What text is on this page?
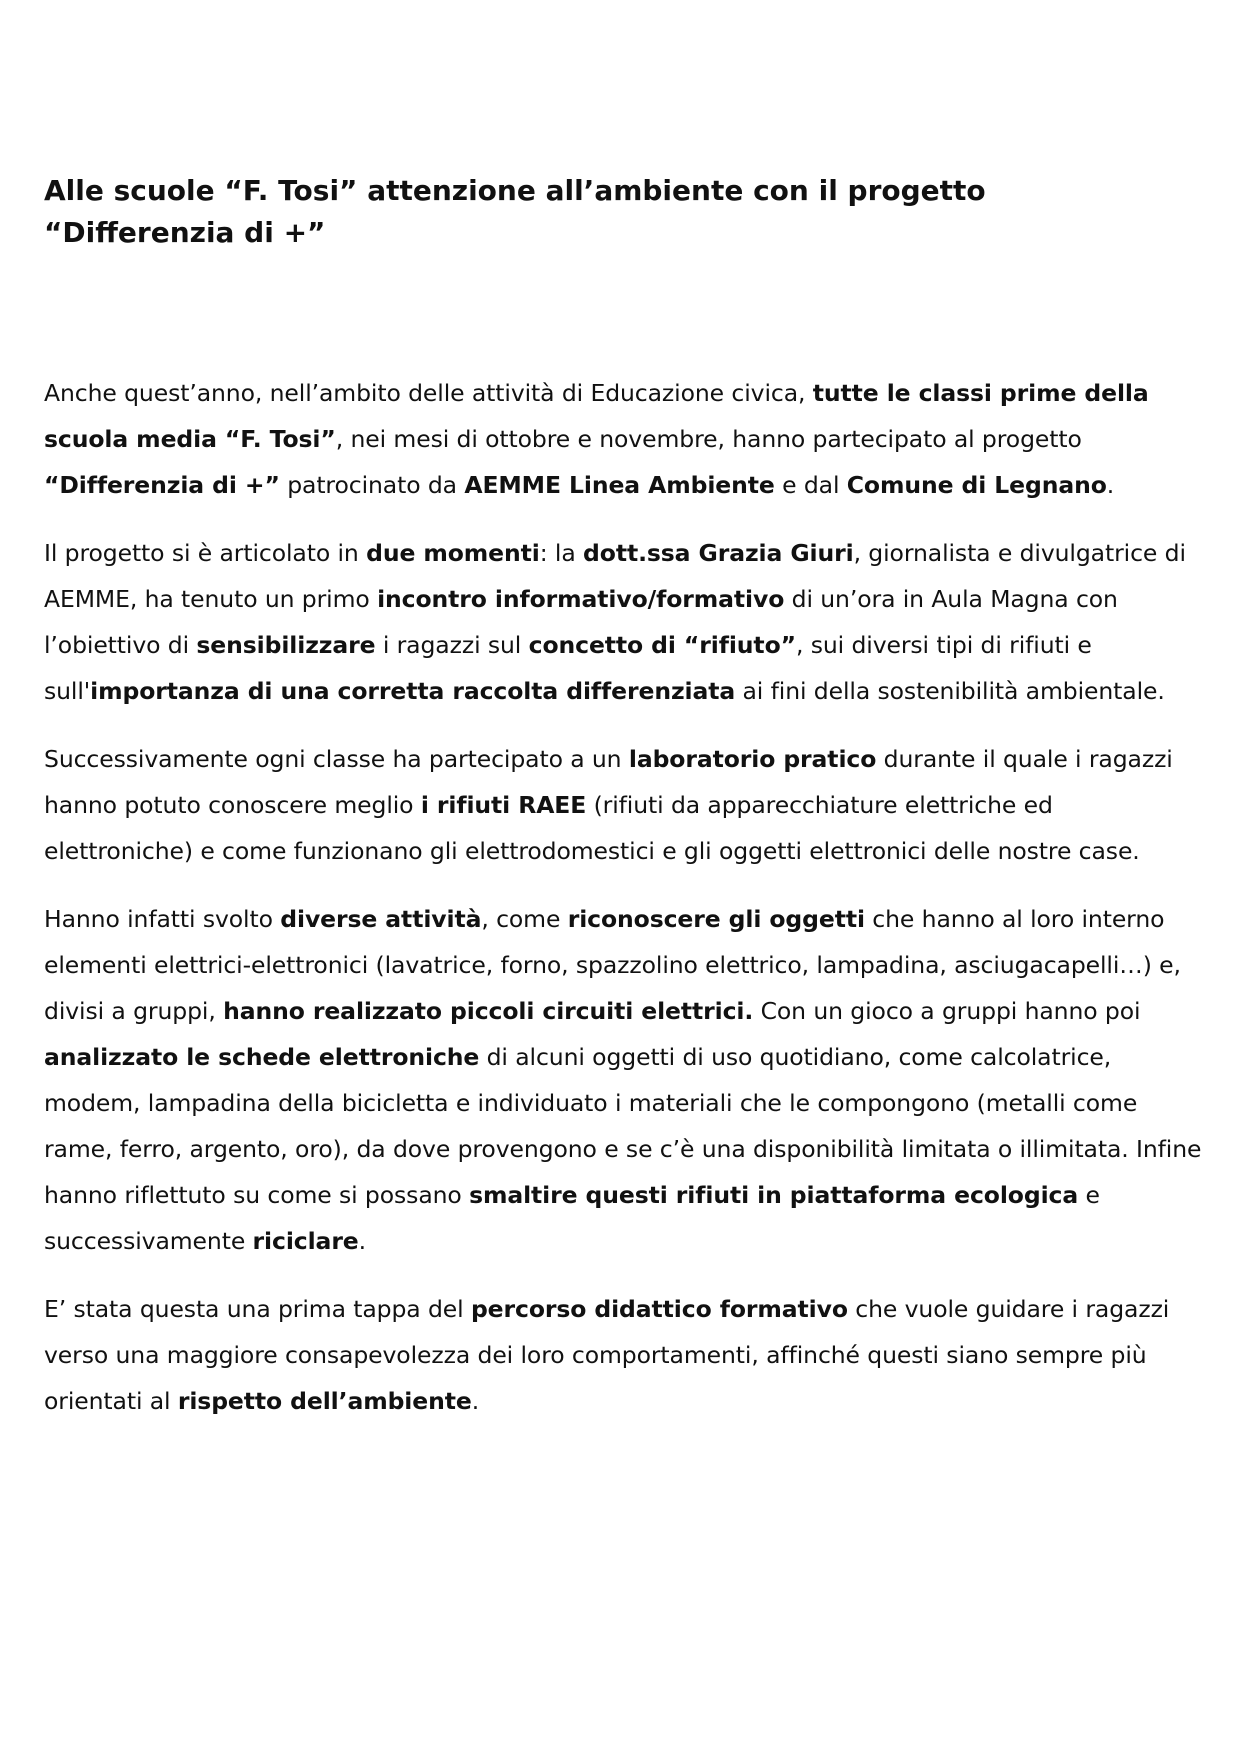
Alle scuole “F. Tosi” attenzione all’ambiente con il progetto
“Differenzia di +”

Anche quest’anno, nell’ambito delle attività di Educazione civica, tutte le classi prime della scuola media “F. Tosi”, nei mesi di ottobre e novembre, hanno partecipato al progetto “Differenzia di +” patrocinato da AEMME Linea Ambiente e dal Comune di Legnano.

Il progetto si è articolato in due momenti: la dott.ssa Grazia Giuri, giornalista e divulgatrice di AEMME, ha tenuto un primo incontro informativo/formativo di un’ora in Aula Magna con l’obiettivo di sensibilizzare i ragazzi sul concetto di “rifiuto”, sui diversi tipi di rifiuti e sull'importanza di una corretta raccolta differenziata ai fini della sostenibilità ambientale.

Successivamente ogni classe ha partecipato a un laboratorio pratico durante il quale i ragazzi hanno potuto conoscere meglio i rifiuti RAEE (rifiuti da apparecchiature elettriche ed elettroniche) e come funzionano gli elettrodomestici e gli oggetti elettronici delle nostre case.

Hanno infatti svolto diverse attività, come riconoscere gli oggetti che hanno al loro interno elementi elettrici-elettronici (lavatrice, forno, spazzolino elettrico, lampadina, asciugacapelli…) e, divisi a gruppi, hanno realizzato piccoli circuiti elettrici. Con un gioco a gruppi hanno poi analizzato le schede elettroniche di alcuni oggetti di uso quotidiano, come calcolatrice, modem, lampadina della bicicletta e individuato i materiali che le compongono (metalli come rame, ferro, argento, oro), da dove provengono e se c’è una disponibilità limitata o illimitata. Infine hanno riflettuto su come si possano smaltire questi rifiuti in piattaforma ecologica e successivamente riciclare.

E’ stata questa una prima tappa del percorso didattico formativo che vuole guidare i ragazzi verso una maggiore consapevolezza dei loro comportamenti, affinché questi siano sempre più orientati al rispetto dell’ambiente.
